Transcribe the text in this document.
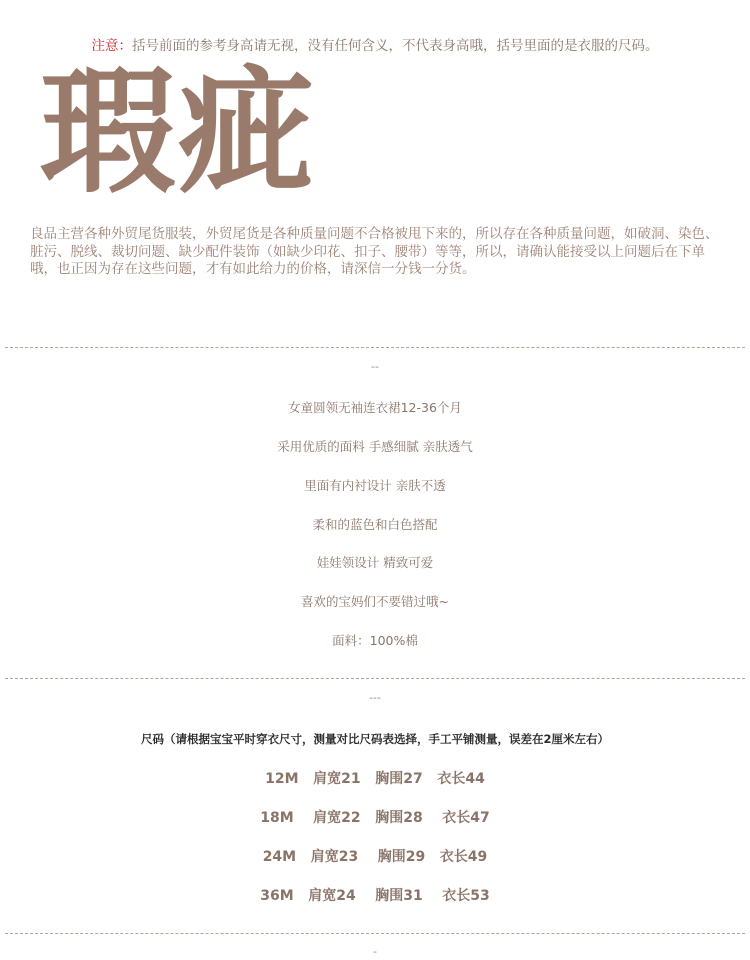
注意：括号前面的参考身高请无视，没有任何含义，不代表身高哦，括号里面的是衣服的尺码。
瑕疵
良品主营各种外贸尾货服装，外贸尾货是各种质量问题不合格被甩下来的，所以存在各种质量问题，如破洞、染色、脏污、脱线、裁切问题、缺少配件装饰（如缺少印花、扣子、腰带）等等，所以，请确认能接受以上问题后在下单哦，也正因为存在这些问题，才有如此给力的价格，请深信一分钱一分货。
--
女童圆领无袖连衣裙12-36个月
采用优质的面料 手感细腻 亲肤透气
里面有内衬设计 亲肤不透
柔和的蓝色和白色搭配
娃娃领设计 精致可爱
喜欢的宝妈们不要错过哦~
面料：100%棉
---
尺码（请根据宝宝平时穿衣尺寸，测量对比尺码表选择，手工平铺测量，误差在2厘米左右）
12M   肩宽21   胸围27   衣长44
18M    肩宽22   胸围28    衣长47
24M   肩宽23    胸围29   衣长49
36M   肩宽24    胸围31    衣长53
-
